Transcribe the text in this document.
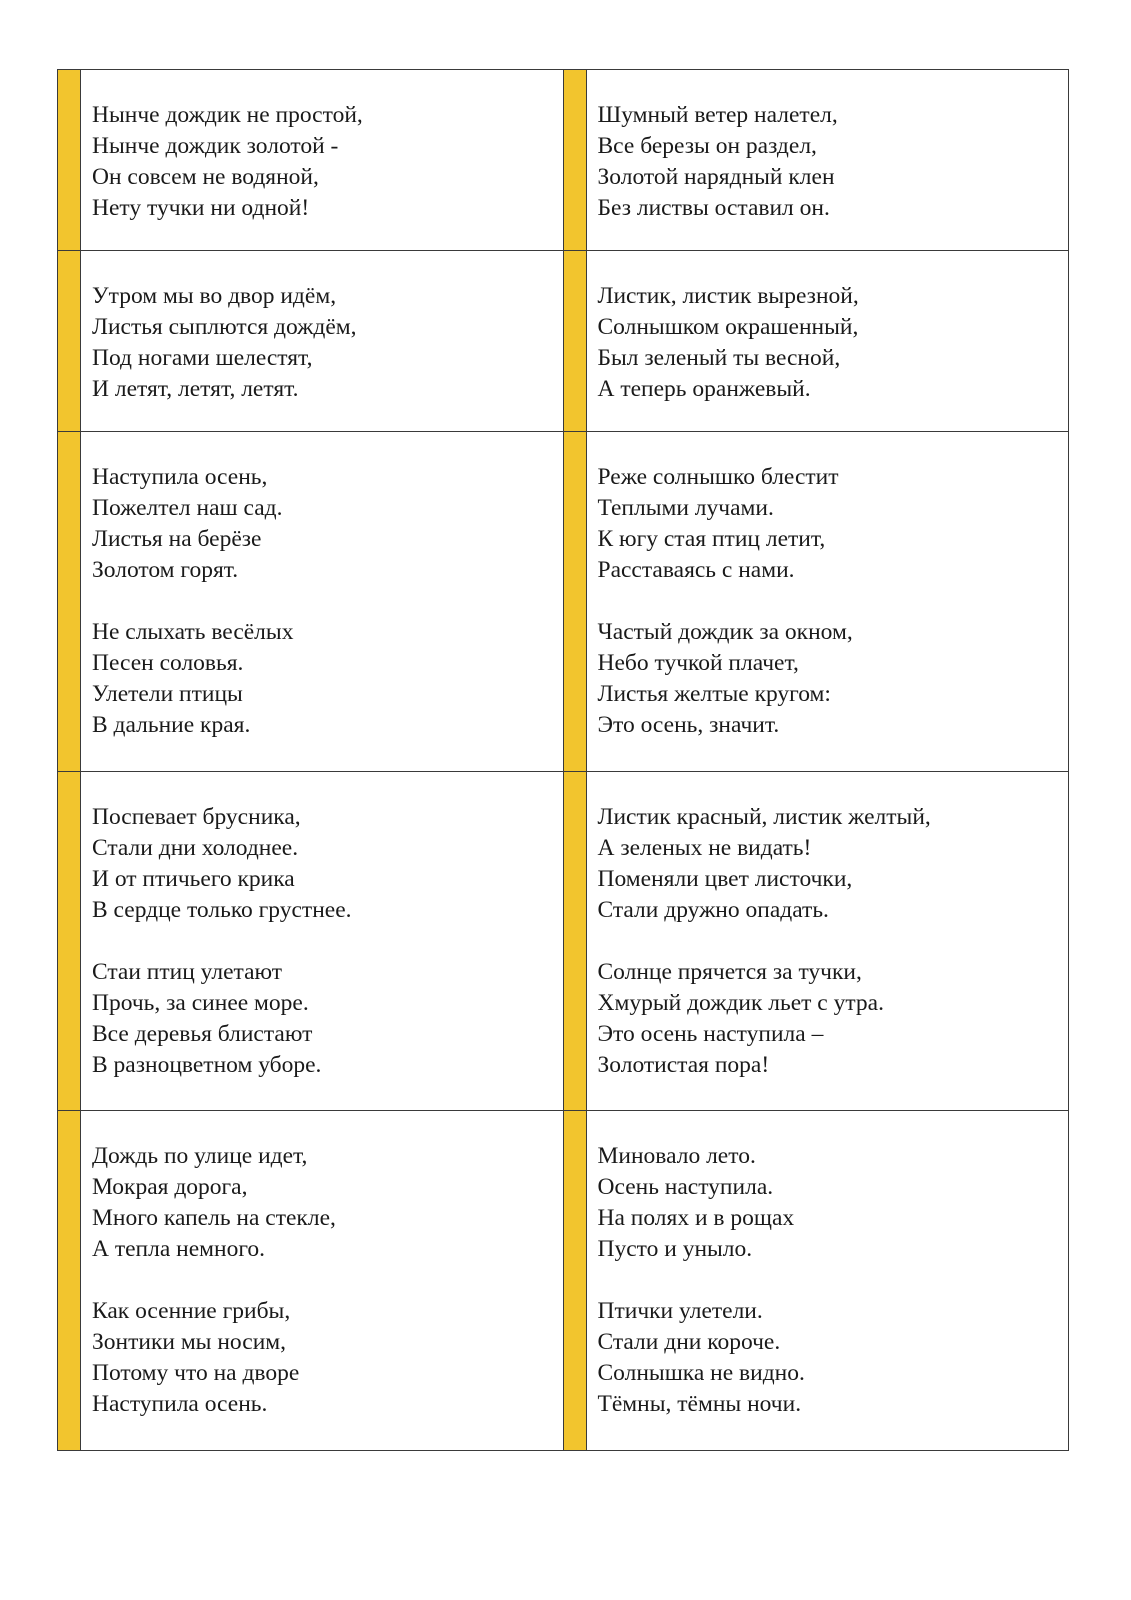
Нынче дождик не простой,
Нынче дождик золотой -
Он совсем не водяной,
Нету тучки ни одной!

Шумный ветер налетел,
Все березы он раздел,
Золотой нарядный клен
Без листвы оставил он.

Утром мы во двор идём,
Листья сыплются дождём,
Под ногами шелестят,
И летят, летят, летят.

Листик, листик вырезной,
Солнышком окрашенный,
Был зеленый ты весной,
А теперь оранжевый.

Наступила осень,
Пожелтел наш сад.
Листья на берёзе
Золотом горят.

Не слыхать весёлых
Песен соловья.
Улетели птицы
В дальние края.

Реже солнышко блестит
Теплыми лучами.
К югу стая птиц летит,
Расставаясь с нами.

Частый дождик за окном,
Небо тучкой плачет,
Листья желтые кругом:
Это осень, значит.

Поспевает брусника,
Стали дни холоднее.
И от птичьего крика
В сердце только грустнее.

Стаи птиц улетают
Прочь, за синее море.
Все деревья блистают
В разноцветном уборе.

Листик красный, листик желтый,
А зеленых не видать!
Поменяли цвет листочки,
Стали дружно опадать.

Солнце прячется за тучки,
Хмурый дождик льет с утра.
Это осень наступила –
Золотистая пора!

Дождь по улице идет,
Мокрая дорога,
Много капель на стекле,
А тепла немного.

Как осенние грибы,
Зонтики мы носим,
Потому что на дворе
Наступила осень.

Миновало лето.
Осень наступила.
На полях и в рощах
Пусто и уныло.

Птички улетели.
Стали дни короче.
Солнышка не видно.
Тёмны, тёмны ночи.
